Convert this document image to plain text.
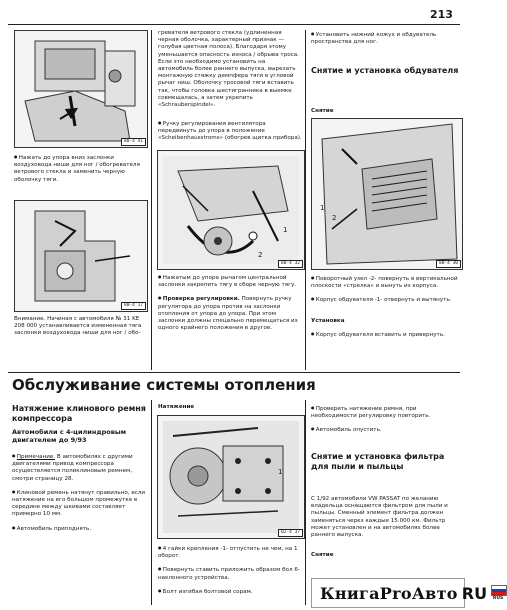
213
80-4 41
● Нажать до упора вниз заслонки воздуховода ниши для ног / обогревателя ветрового стекла и заменить черную оболочку тяги.
80-4 17
Внимание. Начиная с автомобиля № 31 KE 208 000 устанавливается измененная тяга заслонки воздуховода ниши для ног / обо-
гревателя ветрового стекла (удлиненная черная оболочка, характерный признак — голубая цветная полоса). Благодаря этому уменьшается опасность износа / обрыва троса. Если это необходимо установить на автомобиль более раннего выпуска, вырезать монтажную стяжку демпфера тяги в угловой рычаг ниш. Оболочку тросовой тяги вставить так, чтобы головка шестигранника в выемке совмещалась, а затем укрепить «Schrauberspindel».
● Ручку регулирования вентилятора передвинуть до упора в положение «Scheibenhausstroms» (обогрев щитка прибора).
1
2
80-4 32
● Нажатым до упора рычагом центральной заслонки закрепить тягу в сборе черную тягу.
● Проверка регулировки. Повернуть ручку регулятора до упора против на заслонки отопления от упора до упора. При этом заслонки должны спецально перемещаться из одного крайнего положения в другое.
● Установить нижний кожух и обдуватель пространства для ног.
Снятие и установка обдувателя
Снятие
1
2
80-4 30
● Поворотный узел -2- повернуть в вертикальной плоскости «стрелка» и вынуть из корпуса.
● Корпус обдувателя -1- отвернуть и вытянуть.
Установка
● Корпус обдувателя вставить и привернуть.
Обслуживание системы отопления
Натяжение клинового ремня компрессора
Автомобили с 4-цилиндровым двигателем до 9/93
● Примечание. В автомобилях с другими двигателями привод компрессора осуществляется поликлиновым ремнем, смотри страницу 28.
● Клиновой ремень натянут правильно, если натяжение на его большом промежутке в середине между шкивами составляет примерно 10 мм.
● Автомобиль приподнять.
Натяжение
1
02-4 37
● 4 гайки крепления -1- отпустить не чем, на 1 оборот.
● Повернуть ставить приложить образом бол 6-наклонного устройства.
● Болт изгибая болтовой сорам.
● Проверить натяжение ремня, при необходимости регулировку повторить.
● Автомобиль опустить.
Снятие и установка фильтра для пыли и пыльцы
С 1/92 автомобили VW PASSAT по желанию владельца оснащаются фильтром для пыли и пыльцы. Сменный элемент фильтра должен заменяться через каждые 15.000 км. Фильтр может установлен и на автомобилях более раннего выпуска.
Снятие
КнигаProАвто RU RUS
